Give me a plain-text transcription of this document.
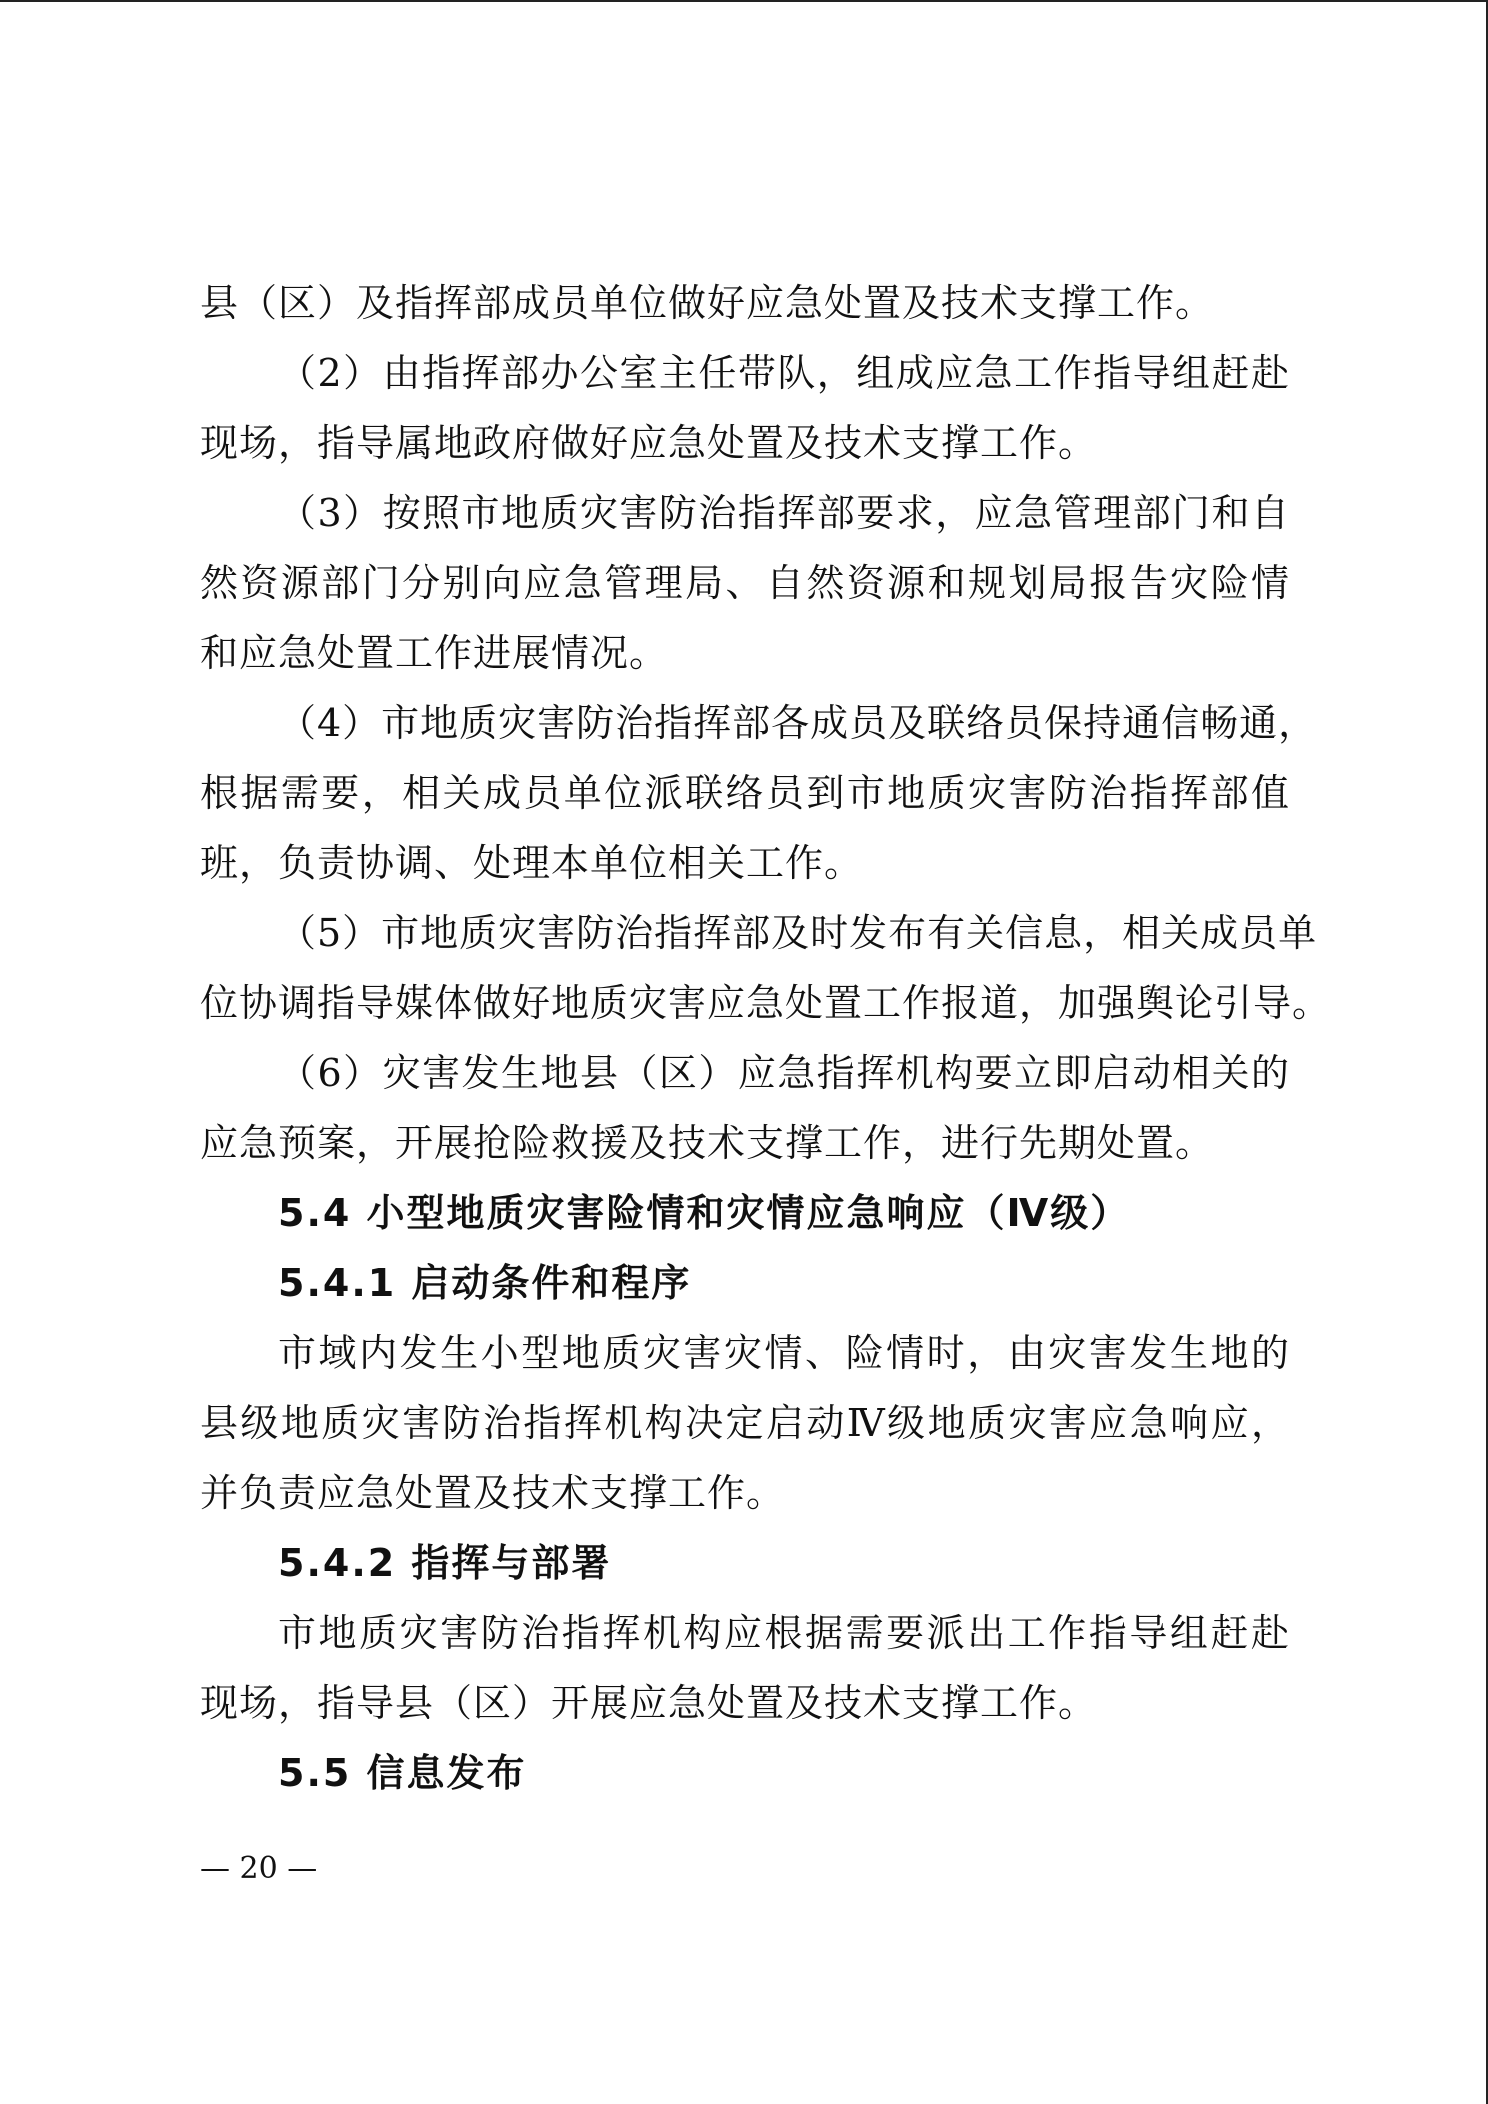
县（区）及指挥部成员单位做好应急处置及技术支撑工作。
（2）由指挥部办公室主任带队，组成应急工作指导组赶赴
现场，指导属地政府做好应急处置及技术支撑工作。
（3）按照市地质灾害防治指挥部要求，应急管理部门和自
然资源部门分别向应急管理局、自然资源和规划局报告灾险情
和应急处置工作进展情况。
（4）市地质灾害防治指挥部各成员及联络员保持通信畅通，
根据需要，相关成员单位派联络员到市地质灾害防治指挥部值
班，负责协调、处理本单位相关工作。
（5）市地质灾害防治指挥部及时发布有关信息，相关成员单
位协调指导媒体做好地质灾害应急处置工作报道，加强舆论引导。
（6）灾害发生地县（区）应急指挥机构要立即启动相关的
应急预案，开展抢险救援及技术支撑工作，进行先期处置。
5.4 小型地质灾害险情和灾情应急响应（Ⅳ级）
5.4.1 启动条件和程序
市域内发生小型地质灾害灾情、险情时，由灾害发生地的
县级地质灾害防治指挥机构决定启动Ⅳ级地质灾害应急响应，
并负责应急处置及技术支撑工作。
5.4.2 指挥与部署
市地质灾害防治指挥机构应根据需要派出工作指导组赶赴
现场，指导县（区）开展应急处置及技术支撑工作。
5.5 信息发布
— 20 —
